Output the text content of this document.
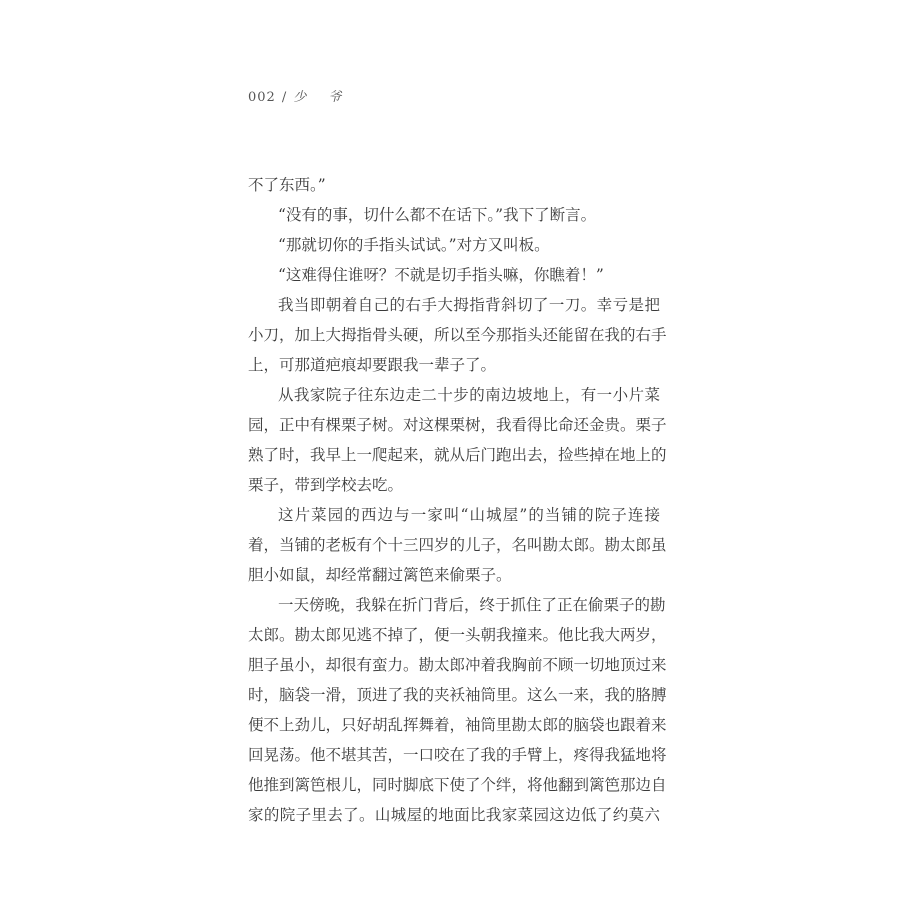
002 / 少 爷
不了东西。”
“没有的事，切什么都不在话下。”我下了断言。
“那就切你的手指头试试。”对方又叫板。
“这难得住谁呀？不就是切手指头嘛，你瞧着！”
我当即朝着自己的右手大拇指背斜切了一刀。幸亏是把
小刀，加上大拇指骨头硬，所以至今那指头还能留在我的右手
上，可那道疤痕却要跟我一辈子了。
从我家院子往东边走二十步的南边坡地上，有一小片菜
园，正中有棵栗子树。对这棵栗树，我看得比命还金贵。栗子
熟了时，我早上一爬起来，就从后门跑出去，捡些掉在地上的
栗子，带到学校去吃。
这片菜园的西边与一家叫“山城屋”的当铺的院子连接
着，当铺的老板有个十三四岁的儿子，名叫勘太郎。勘太郎虽
胆小如鼠，却经常翻过篱笆来偷栗子。
一天傍晚，我躲在折门背后，终于抓住了正在偷栗子的勘
太郎。勘太郎见逃不掉了，便一头朝我撞来。他比我大两岁，
胆子虽小，却很有蛮力。勘太郎冲着我胸前不顾一切地顶过来
时，脑袋一滑，顶进了我的夹袄袖筒里。这么一来，我的胳膊
便不上劲儿，只好胡乱挥舞着，袖筒里勘太郎的脑袋也跟着来
回晃荡。他不堪其苦，一口咬在了我的手臂上，疼得我猛地将
他推到篱笆根儿，同时脚底下使了个绊，将他翻到篱笆那边自
家的院子里去了。山城屋的地面比我家菜园这边低了约莫六
